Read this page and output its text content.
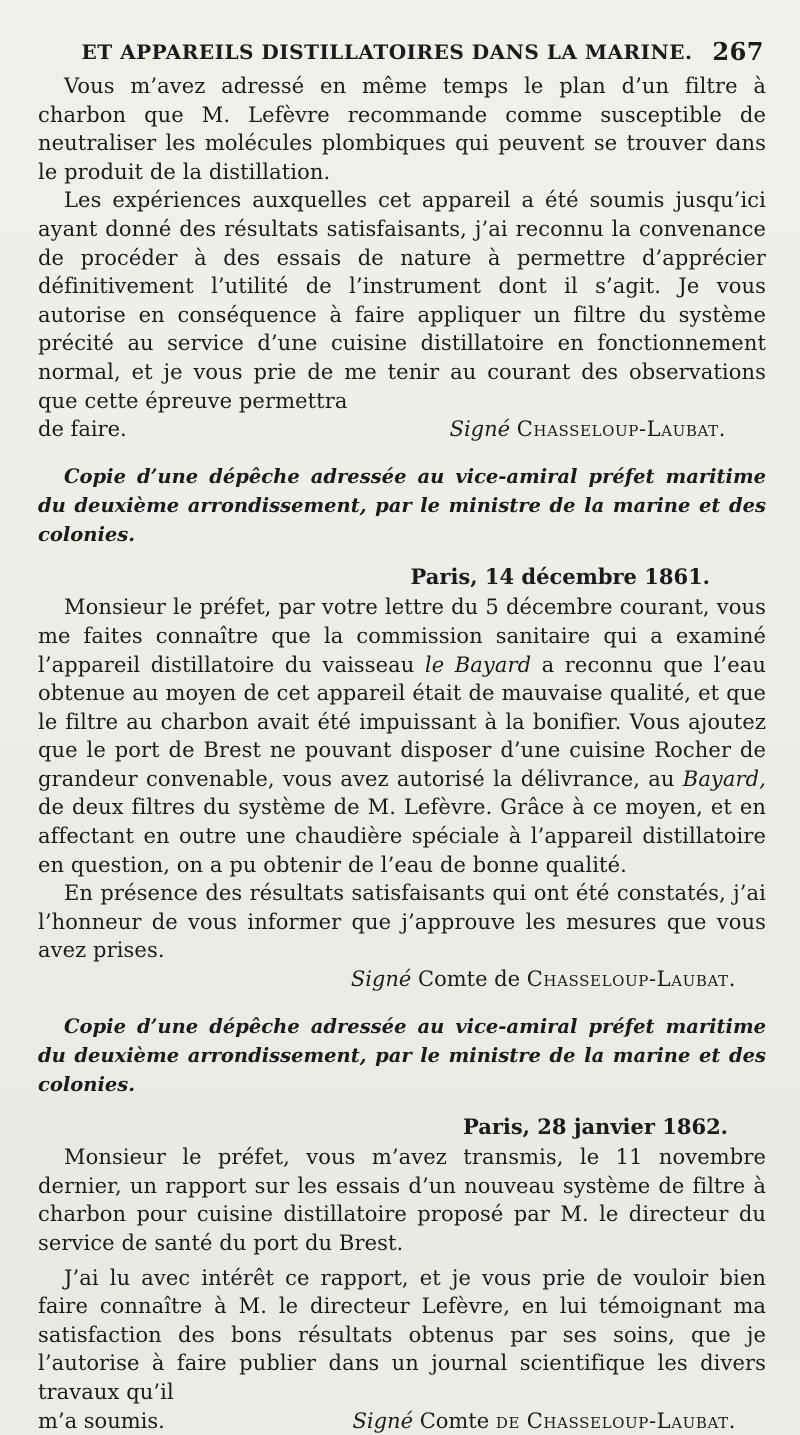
ET APPAREILS DISTILLATOIRES DANS LA MARINE. 267

Vous m’avez adressé en même temps le plan d’un filtre à charbon que M. Lefèvre recommande comme susceptible de neutraliser les molécules plombiques qui peuvent se trouver dans le produit de la distillation.

Les expériences auxquelles cet appareil a été soumis jusqu’ici ayant donné des résultats satisfaisants, j’ai reconnu la convenance de procéder à des essais de nature à permettre d’apprécier définitivement l’utilité de l’instrument dont il s’agit. Je vous autorise en conséquence à faire appliquer un filtre du système précité au service d’une cuisine distillatoire en fonctionnement normal, et je vous prie de me tenir au courant des observations que cette épreuve permettra

de faire.	Signé Chasseloup-Laubat.
Copie d’une dépêche adressée au vice-amiral préfet maritime du deuxième arrondissement, par le ministre de la marine et des colonies.
Paris, 14 décembre 1861.

Monsieur le préfet, par votre lettre du 5 décembre courant, vous me faites connaître que la commission sanitaire qui a examiné l’appareil distillatoire du vaisseau le Bayard a reconnu que l’eau obtenue au moyen de cet appareil était de mauvaise qualité, et que le filtre au charbon avait été impuissant à la bonifier. Vous ajoutez que le port de Brest ne pouvant disposer d’une cuisine Rocher de grandeur convenable, vous avez autorisé la délivrance, au Bayard, de deux filtres du système de M. Lefèvre. Grâce à ce moyen, et en affectant en outre une chaudière spéciale à l’appareil distillatoire en question, on a pu obtenir de l’eau de bonne qualité.

En présence des résultats satisfaisants qui ont été constatés, j’ai l’honneur de vous informer que j’approuve les mesures que vous avez prises.

Signé Comte de Chasseloup-Laubat.
Copie d’une dépêche adressée au vice-amiral préfet maritime du deuxième arrondissement, par le ministre de la marine et des colonies.
Paris, 28 janvier 1862.

Monsieur le préfet, vous m’avez transmis, le 11 novembre dernier, un rapport sur les essais d’un nouveau système de filtre à charbon pour cuisine distillatoire proposé par M. le directeur du service de santé du port du Brest.

J’ai lu avec intérêt ce rapport, et je vous prie de vouloir bien faire connaître à M. le directeur Lefèvre, en lui témoignant ma satisfaction des bons résultats obtenus par ses soins, que je l’autorise à faire publier dans un journal scientifique les divers travaux qu’il

m’a soumis.	Signé Comte de Chasseloup-Laubat.
